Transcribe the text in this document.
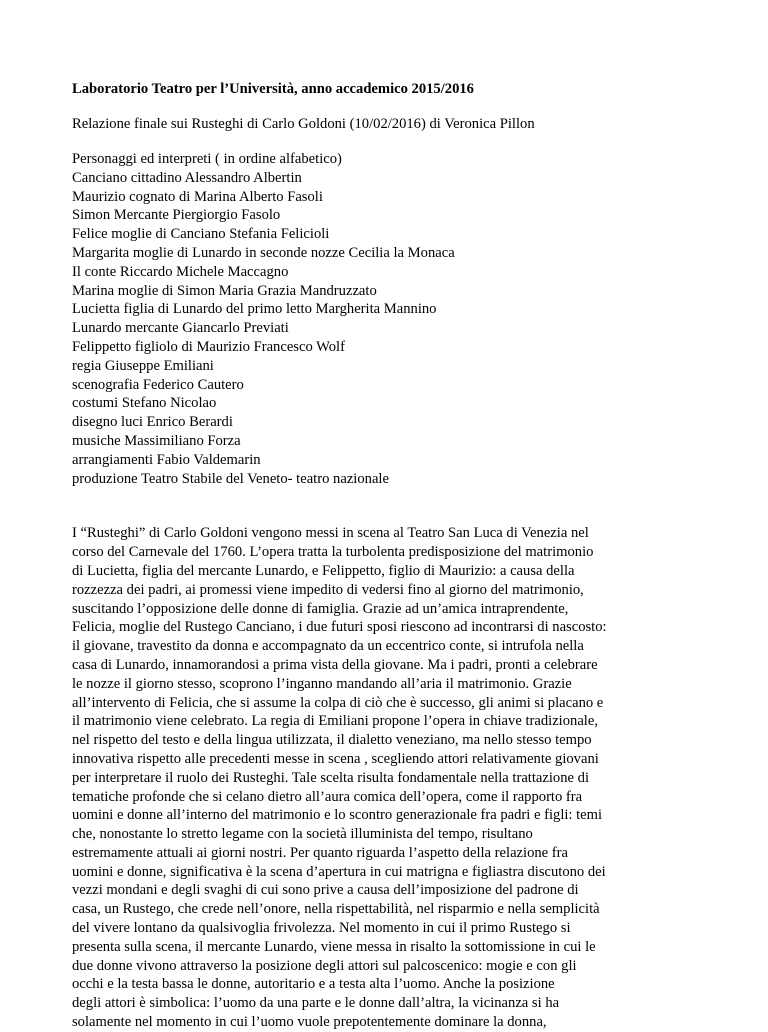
Laboratorio Teatro per l’Università, anno accademico 2015/2016

Relazione finale sui Rusteghi di Carlo Goldoni (10/02/2016) di Veronica Pillon

Personaggi ed interpreti ( in ordine alfabetico)
Canciano cittadino Alessandro Albertin
Maurizio cognato di Marina Alberto Fasoli
Simon Mercante Piergiorgio Fasolo
Felice moglie di Canciano Stefania Felicioli
Margarita moglie di Lunardo in seconde nozze Cecilia la Monaca
Il conte Riccardo Michele Maccagno
Marina moglie di Simon Maria Grazia Mandruzzato
Lucietta figlia di Lunardo del primo letto Margherita Mannino
Lunardo mercante Giancarlo Previati
Felippetto figliolo di Maurizio Francesco Wolf
regia Giuseppe Emiliani
scenografia Federico Cautero
costumi Stefano Nicolao
disegno luci Enrico Berardi
musiche Massimiliano Forza
arrangiamenti Fabio Valdemarin
produzione Teatro Stabile del Veneto- teatro nazionale
I “Rusteghi” di Carlo Goldoni vengono messi in scena al Teatro San Luca di Venezia nel
corso del Carnevale del 1760. L’opera tratta la turbolenta predisposizione del matrimonio
di Lucietta, figlia del mercante Lunardo, e Felippetto, figlio di Maurizio: a causa della
rozzezza dei padri, ai promessi viene impedito di vedersi fino al giorno del matrimonio,
suscitando l’opposizione delle donne di famiglia. Grazie ad un’amica intraprendente,
Felicia, moglie del Rustego Canciano, i due futuri sposi riescono ad incontrarsi di nascosto:
il giovane, travestito da donna e accompagnato da un eccentrico conte, si intrufola nella
casa di Lunardo, innamorandosi a prima vista della giovane. Ma i padri, pronti a celebrare
le nozze il giorno stesso, scoprono l’inganno mandando all’aria il matrimonio. Grazie
all’intervento di Felicia, che si assume la colpa di ciò che è successo, gli animi si placano e
il matrimonio viene celebrato. La regia di Emiliani propone l’opera in chiave tradizionale,
nel rispetto del testo e della lingua utilizzata, il dialetto veneziano, ma nello stesso tempo
innovativa rispetto alle precedenti messe in scena , scegliendo attori relativamente giovani
per interpretare il ruolo dei Rusteghi. Tale scelta risulta fondamentale nella trattazione di
tematiche profonde che si celano dietro all’aura comica dell’opera, come il rapporto fra
uomini e donne all’interno del matrimonio e lo scontro generazionale fra padri e figli: temi
che, nonostante lo stretto legame con la società illuminista del tempo, risultano
estremamente attuali ai giorni nostri. Per quanto riguarda l’aspetto della relazione fra
uomini e donne, significativa è la scena d’apertura in cui matrigna e figliastra discutono dei
vezzi mondani e degli svaghi di cui sono prive a causa dell’imposizione del padrone di
casa, un Rustego, che crede nell’onore, nella rispettabilità, nel risparmio e nella semplicità
del vivere lontano da qualsivoglia frivolezza. Nel momento in cui il primo Rustego si
presenta sulla scena, il mercante Lunardo, viene messa in risalto la sottomissione in cui le
due donne vivono attraverso la posizione degli attori sul palcoscenico: mogie e con gli
occhi e la testa bassa le donne, autoritario e a testa alta l’uomo. Anche la posizione
degli attori è simbolica: l’uomo da una parte e le donne dall’altra, la vicinanza si ha
solamente nel momento in cui l’uomo vuole prepotentemente dominare la donna,
